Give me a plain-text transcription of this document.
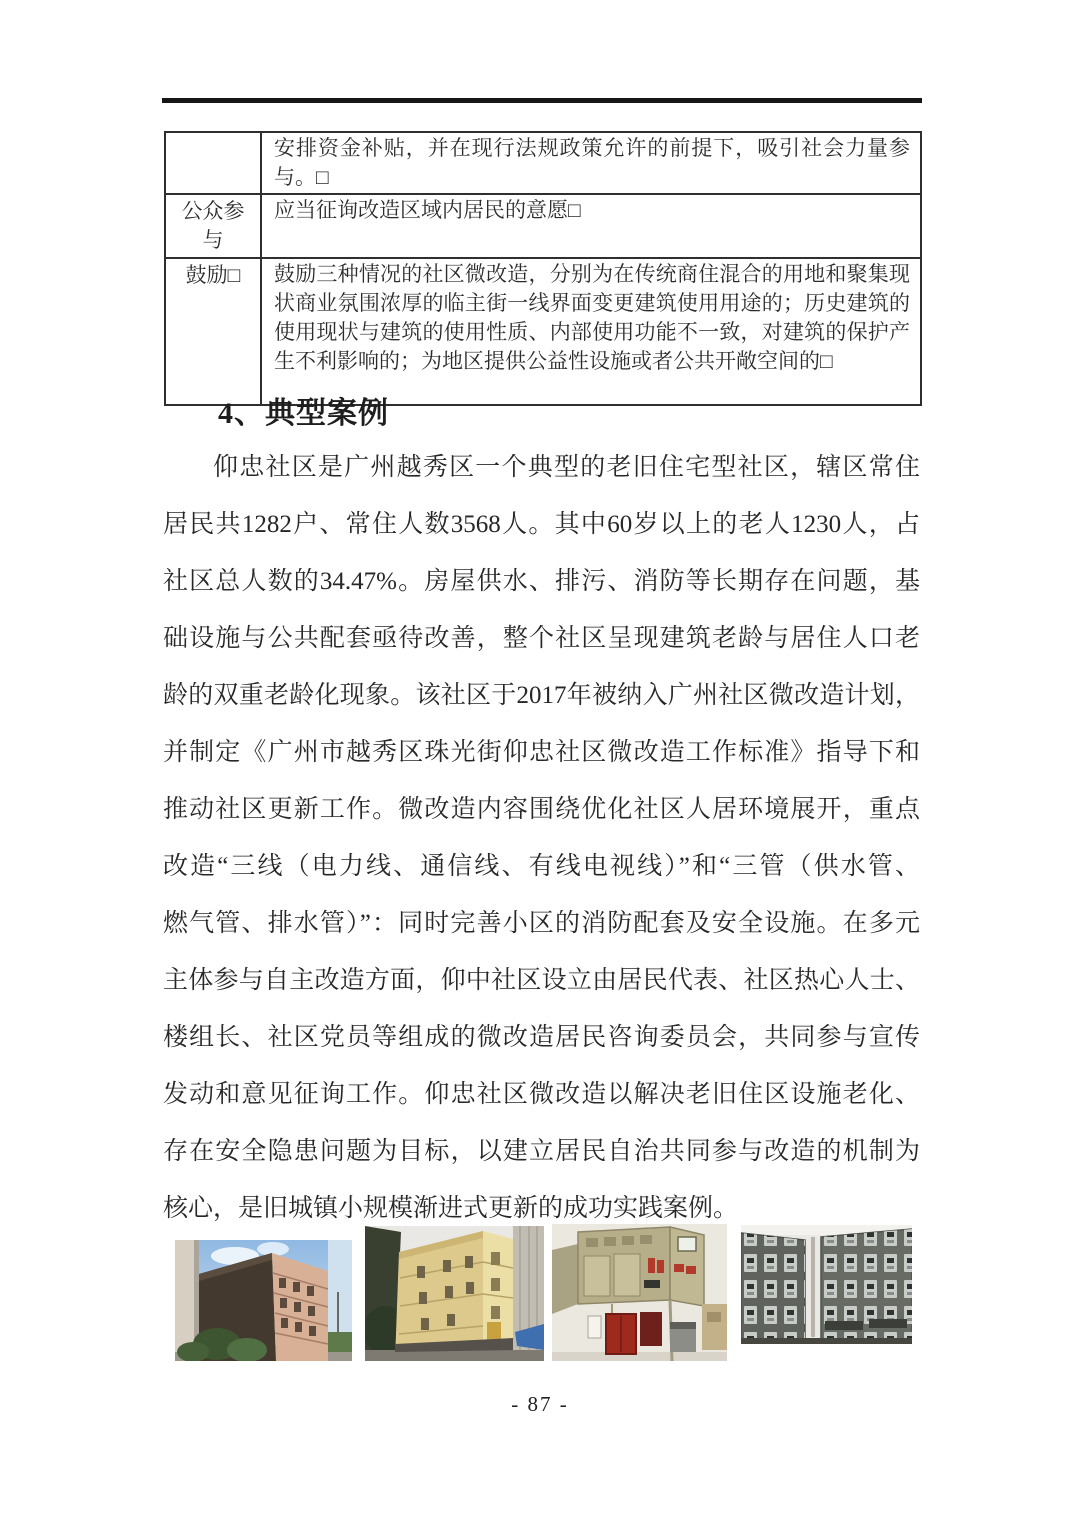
	安排资金补贴，并在现行法规政策允许的前提下，吸引社会力量参与。□
公众参与	应当征询改造区域内居民的意愿□
鼓励□	鼓励三种情况的社区微改造，分别为在传统商住混合的用地和聚集现状商业氛围浓厚的临主街一线界面变更建筑使用用途的；历史建筑的使用现状与建筑的使用性质、内部使用功能不一致，对建筑的保护产生不利影响的；为地区提供公益性设施或者公共开敞空间的□
4、典型案例
仰忠社区是广州越秀区一个典型的老旧住宅型社区，辖区常住
居民共1282户、常住人数3568人。其中60岁以上的老人1230人，占
社区总人数的34.47%。房屋供水、排污、消防等长期存在问题，基
础设施与公共配套亟待改善，整个社区呈现建筑老龄与居住人口老
龄的双重老龄化现象。该社区于2017年被纳入广州社区微改造计划，
并制定《广州市越秀区珠光街仰忠社区微改造工作标准》指导下和
推动社区更新工作。微改造内容围绕优化社区人居环境展开，重点
改造“三线（电力线、通信线、有线电视线）”和“三管（供水管、
燃气管、排水管）”：同时完善小区的消防配套及安全设施。在多元
主体参与自主改造方面，仰中社区设立由居民代表、社区热心人士、
楼组长、社区党员等组成的微改造居民咨询委员会，共同参与宣传
发动和意见征询工作。仰忠社区微改造以解决老旧住区设施老化、
存在安全隐患问题为目标，以建立居民自治共同参与改造的机制为
核心，是旧城镇小规模渐进式更新的成功实践案例。
- 87 -
